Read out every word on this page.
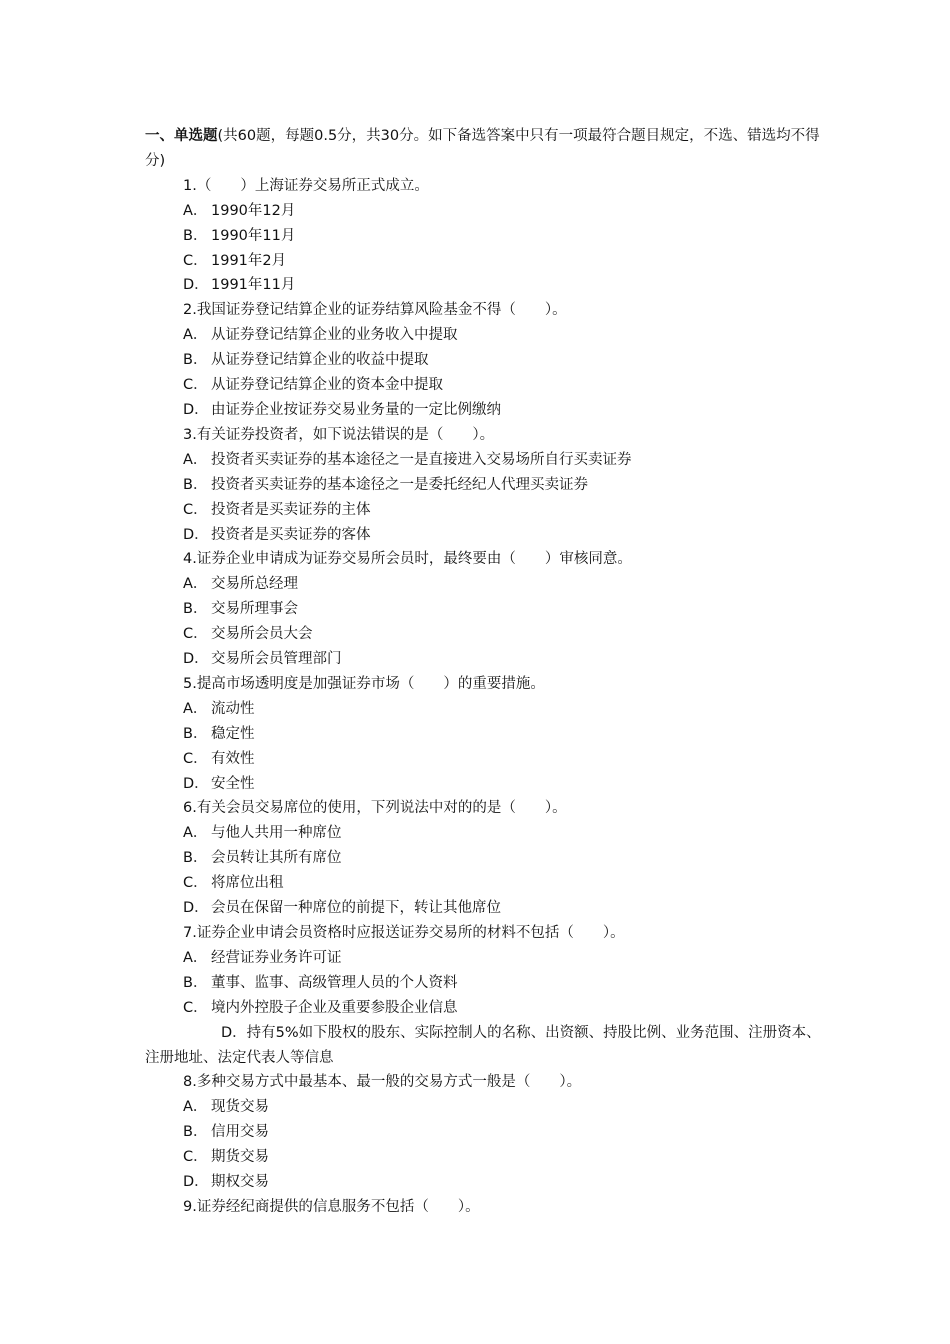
一、单选题(共60题，每题0.5分，共30分。如下备选答案中只有一项最符合题目规定，不选、错选均不得分)
1.（　　）上海证券交易所正式成立。
A． 1990年12月
B． 1990年11月
C． 1991年2月
D． 1991年11月
2.我国证券登记结算企业的证券结算风险基金不得（　　）。
A． 从证券登记结算企业的业务收入中提取
B． 从证券登记结算企业的收益中提取
C． 从证券登记结算企业的资本金中提取
D． 由证券企业按证券交易业务量的一定比例缴纳
3.有关证券投资者，如下说法错误的是（　　）。
A． 投资者买卖证券的基本途径之一是直接进入交易场所自行买卖证券
B． 投资者买卖证券的基本途径之一是委托经纪人代理买卖证券
C． 投资者是买卖证券的主体
D． 投资者是买卖证券的客体
4.证券企业申请成为证券交易所会员时，最终要由（　　）审核同意。
A． 交易所总经理
B． 交易所理事会
C． 交易所会员大会
D． 交易所会员管理部门
5.提高市场透明度是加强证券市场（　　）的重要措施。
A． 流动性
B． 稳定性
C． 有效性
D． 安全性
6.有关会员交易席位的使用，下列说法中对的的是（　　）。
A． 与他人共用一种席位
B． 会员转让其所有席位
C． 将席位出租
D． 会员在保留一种席位的前提下，转让其他席位
7.证券企业申请会员资格时应报送证券交易所的材料不包括（　　）。
A． 经营证券业务许可证
B． 董事、监事、高级管理人员的个人资料
C． 境内外控股子企业及重要参股企业信息
D．持有5%如下股权的股东、实际控制人的名称、出资额、持股比例、业务范围、注册资本、注册地址、法定代表人等信息
8.多种交易方式中最基本、最一般的交易方式一般是（　　）。
A． 现货交易
B． 信用交易
C． 期货交易
D． 期权交易
9.证券经纪商提供的信息服务不包括（　　）。
